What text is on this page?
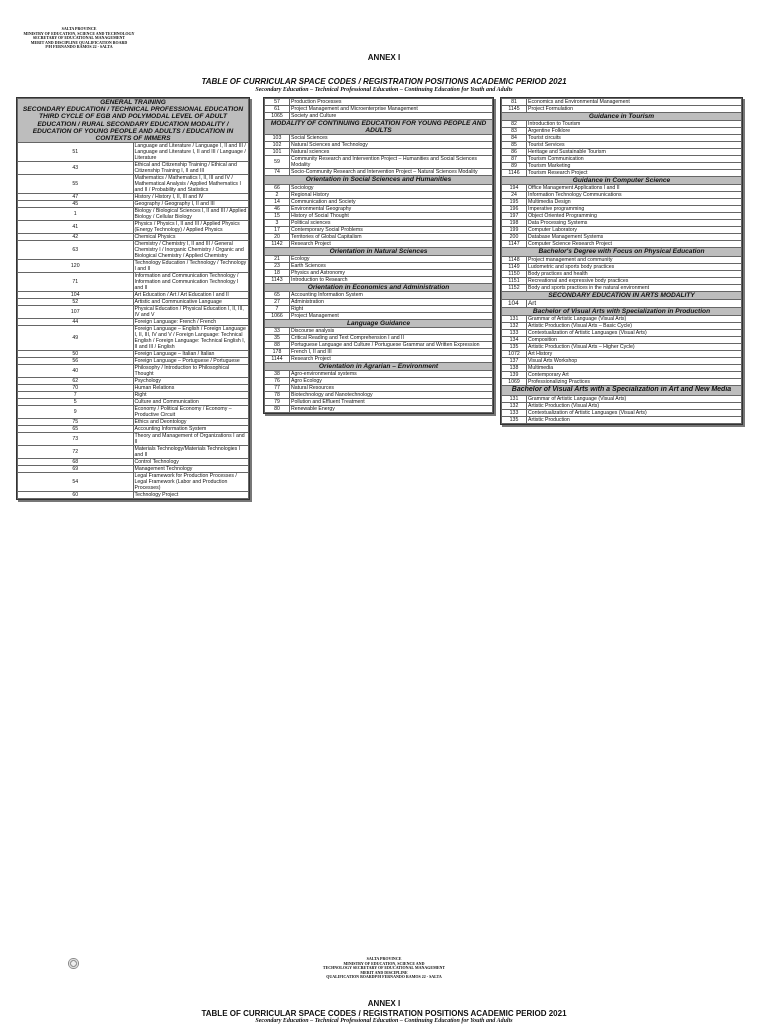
SALTA PROVINCE
MINISTRY OF EDUCATION, SCIENCE AND TECHNOLOGY
SECRETARY OF EDUCATIONAL MANAGEMENT
MERIT AND DISCIPLINE QUALIFICATION BOARD
P/H FERNANDO RAMOS 22 - SALTA
ANNEX I
TABLE OF CURRICULAR SPACE CODES / REGISTRATION POSITIONS ACADEMIC PERIOD 2021
Secondary Education – Technical Professional Education – Continuing Education for Youth and Adults
GENERAL TRAINING
SECONDARY EDUCATION / TECHNICAL PROFESSIONAL EDUCATION THIRD CYCLE OF EGB AND POLYMODAL LEVEL OF ADULT EDUCATION / RURAL SECONDARY EDUCATION MODALITY / EDUCATION OF YOUNG PEOPLE AND ADULTS / EDUCATION IN CONTEXTS OF IMMERS	
51	Language and Literature / Language I, II and III / Language and Literature I, II and III / Language / Literature
43	Ethical and Citizenship Training / Ethical and Citizenship Training I, II and III
55	Mathematics / Mathematics I, II, III and IV / Mathematical Analysis / Applied Mathematics I and II / Probability and Statistics
47	History / History I, II, III and IV
45	Geography / Geography I, II and III
1	Biology / Biological Sciences I, II and III / Applied Biology / Cellular Biology
41	Physics / Physics I, II and III / Applied Physics (Energy Technology) / Applied Physics
42	Chemical Physics
63	Chemistry / Chemistry I, II and III / General Chemistry I / Inorganic Chemistry / Organic and Biological Chemistry / Applied Chemistry
120	Technology Education / Technology / Technology I and II
71	Information and Communication Technology / Information and Communication Technology I and II
104	Art Education / Art / Art Education I and II
52	Artistic and Communicative Language
107	Physical Education / Physical Education I, II, III, IV and V
44	Foreign Language: French / French
49	Foreign Language – English / Foreign Language I, II, III, IV and V / Foreign Language: Technical English / Foreign Language: Technical English I, II and III / English
50	Foreign Language – Italian / Italian
56	Foreign Language – Portuguese / Portuguese
40	Philosophy / Introduction to Philosophical Thought
62	Psychology
70	Human Relations
7	Right
5	Culture and Communication
9	Economy / Political Economy / Economy – Productive Circuit
75	Ethics and Deontology
65	Accounting Information System
73	Theory and Management of Organizations I and II
72	Materials Technology/Materials Technologies I and II
68	Control Technology
69	Management Technology
54	Legal Framework for Production Processes / Legal Framework (Labor and Production Processes)
60	Technology Project
57	Production Processes
61	Project Management and Microenterprise Management
1065	Society and Culture
MODALITY OF CONTINUING EDUCATION FOR YOUNG PEOPLE AND ADULTS	
103	Social Sciences
102	Natural Sciences and Technology
101	Natural sciences
59	Community Research and Intervention Project – Humanities and Social Sciences Modality
74	Socio-Community Research and Intervention Project – Natural Sciences Modality
Orientation in Social Sciences and Humanities	
66	Sociology
2	Regional History
14	Communication and Society
46	Environmental Geography
15	History of Social Thought
3	Political sciences
17	Contemporary Social Problems
20	Territories of Global Capitalism
1142	Research Project
Orientation in Natural Sciences	
21	Ecology
23	Earth Sciences
18	Physics and Astronomy
1143	Introduction to Research
Orientation in Economics and Administration	
65	Accounting Information System
27	Administration
7	Right
1066	Project Management
Language Guidance	
33	Discourse analysis
35	Critical Reading and Text Comprehension I and II
88	Portuguese Language and Culture / Portuguese Grammar and Written Expression
178	French I, II and III
1144	Research Project
Orientation in Agrarian – Environment	
38	Agro-environmental systems
76	Agro Ecology
77	Natural Resources
78	Biotechnology and Nanotechnology
79	Pollution and Effluent Treatment
80	Renewable Energy
81	Economics and Environmental Management
1145	Project Formulation
Guidance in Tourism	
82	Introduction to Tourism
83	Argentine Folklore
84	Tourist circuits
85	Tourist Services
86	Heritage and Sustainable Tourism
87	Tourism Communication
89	Tourism Marketing
1146	Tourism Research Project
Guidance in Computer Science	
194	Office Management Applications I and II
24	Information Technology Communications
195	Multimedia Design
196	Imperative programming
197	Object Oriented Programming
198	Data Processing Systems
199	Computer Laboratory
200	Database Management Systems
1147	Computer Science Research Project
Bachelor's Degree with Focus on Physical Education	
1148	Project management and community
1149	Ludometric and sports body practices
1150	Body practices and health
1151	Recreational and expressive body practices
1152	Body and sports practices in the natural environment
SECONDARY EDUCATION IN ARTS MODALITY	
104	Art
Bachelor of Visual Arts with Specialization in Production	
131	Grammar of Artistic Language (Visual Arts)
132	Artistic Production (Visual Arts – Basic Cycle)
133	Contextualization of Artistic Languages (Visual Arts)
134	Composition
135	Artistic Production (Visual Arts – Higher Cycle)
1072	Art History
137	Visual Arts Workshop
138	Multimedia
139	Contemporary Art
1069	Professionalizing Practices
Bachelor of Visual Arts with a Specialization in Art and New Media	
131	Grammar of Artistic Language (Visual Arts)
132	Artistic Production (Visual Arts)
133	Contextualization of Artistic Languages (Visual Arts)
135	Artistic Production
SALTA PROVINCE
MINISTRY OF EDUCATION, SCIENCE AND
TECHNOLOGY SECRETARY OF EDUCATIONAL MANAGEMENT
MERIT AND DISCIPLINE
QUALIFICATION BOARDP/H FERNANDO RAMOS 22 - SALTA
ANNEX I
TABLE OF CURRICULAR SPACE CODES / REGISTRATION POSITIONS ACADEMIC PERIOD 2021
Secondary Education – Technical Professional Education – Continuing Education for Youth and Adults
